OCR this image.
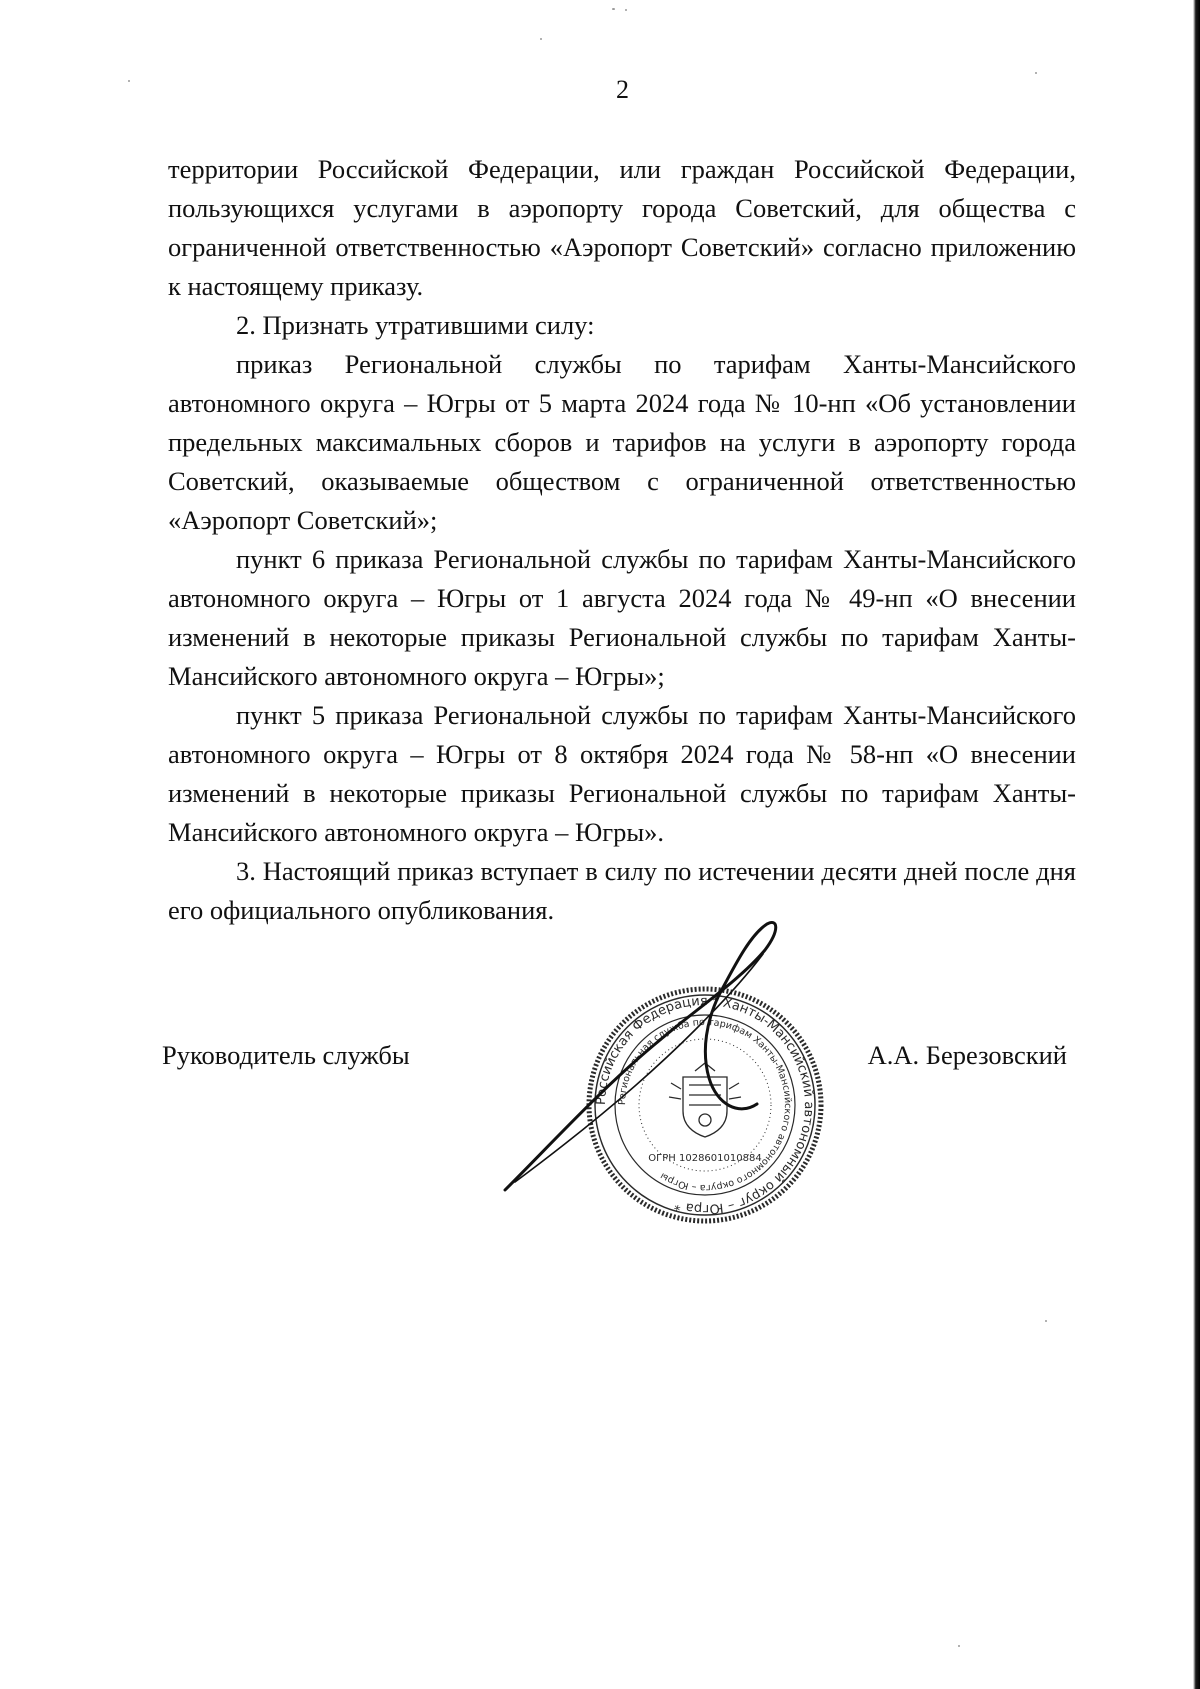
2

территории Российской Федерации, или граждан Российской Федерации, пользующихся услугами в аэропорту города Советский, для общества с ограниченной ответственностью «Аэропорт Советский» согласно приложению к настоящему приказу.

2. Признать утратившими силу:

приказ Региональной службы по тарифам Ханты-Мансийского автономного округа – Югры от 5 марта 2024 года № 10-нп «Об установлении предельных максимальных сборов и тарифов на услуги в аэропорту города Советский, оказываемые обществом с ограниченной ответственностью «Аэропорт Советский»;

пункт 6 приказа Региональной службы по тарифам Ханты-Мансийского автономного округа – Югры от 1 августа 2024 года № 49-нп «О внесении изменений в некоторые приказы Региональной службы по тарифам Ханты-Мансийского автономного округа – Югры»;

пункт 5 приказа Региональной службы по тарифам Ханты-Мансийского автономного округа – Югры от 8 октября 2024 года № 58-нп «О внесении изменений в некоторые приказы Региональной службы по тарифам Ханты-Мансийского автономного округа – Югры».

3. Настоящий приказ вступает в силу по истечении десяти дней после дня его официального опубликования.

Руководитель службы	А.А. Березовский
Российская Федерация * Ханты-Мансийский автономный округ – Югра *
Региональная служба по тарифам Ханты-Мансийского автономного округа – Югры
ОГРН 1028601010884
